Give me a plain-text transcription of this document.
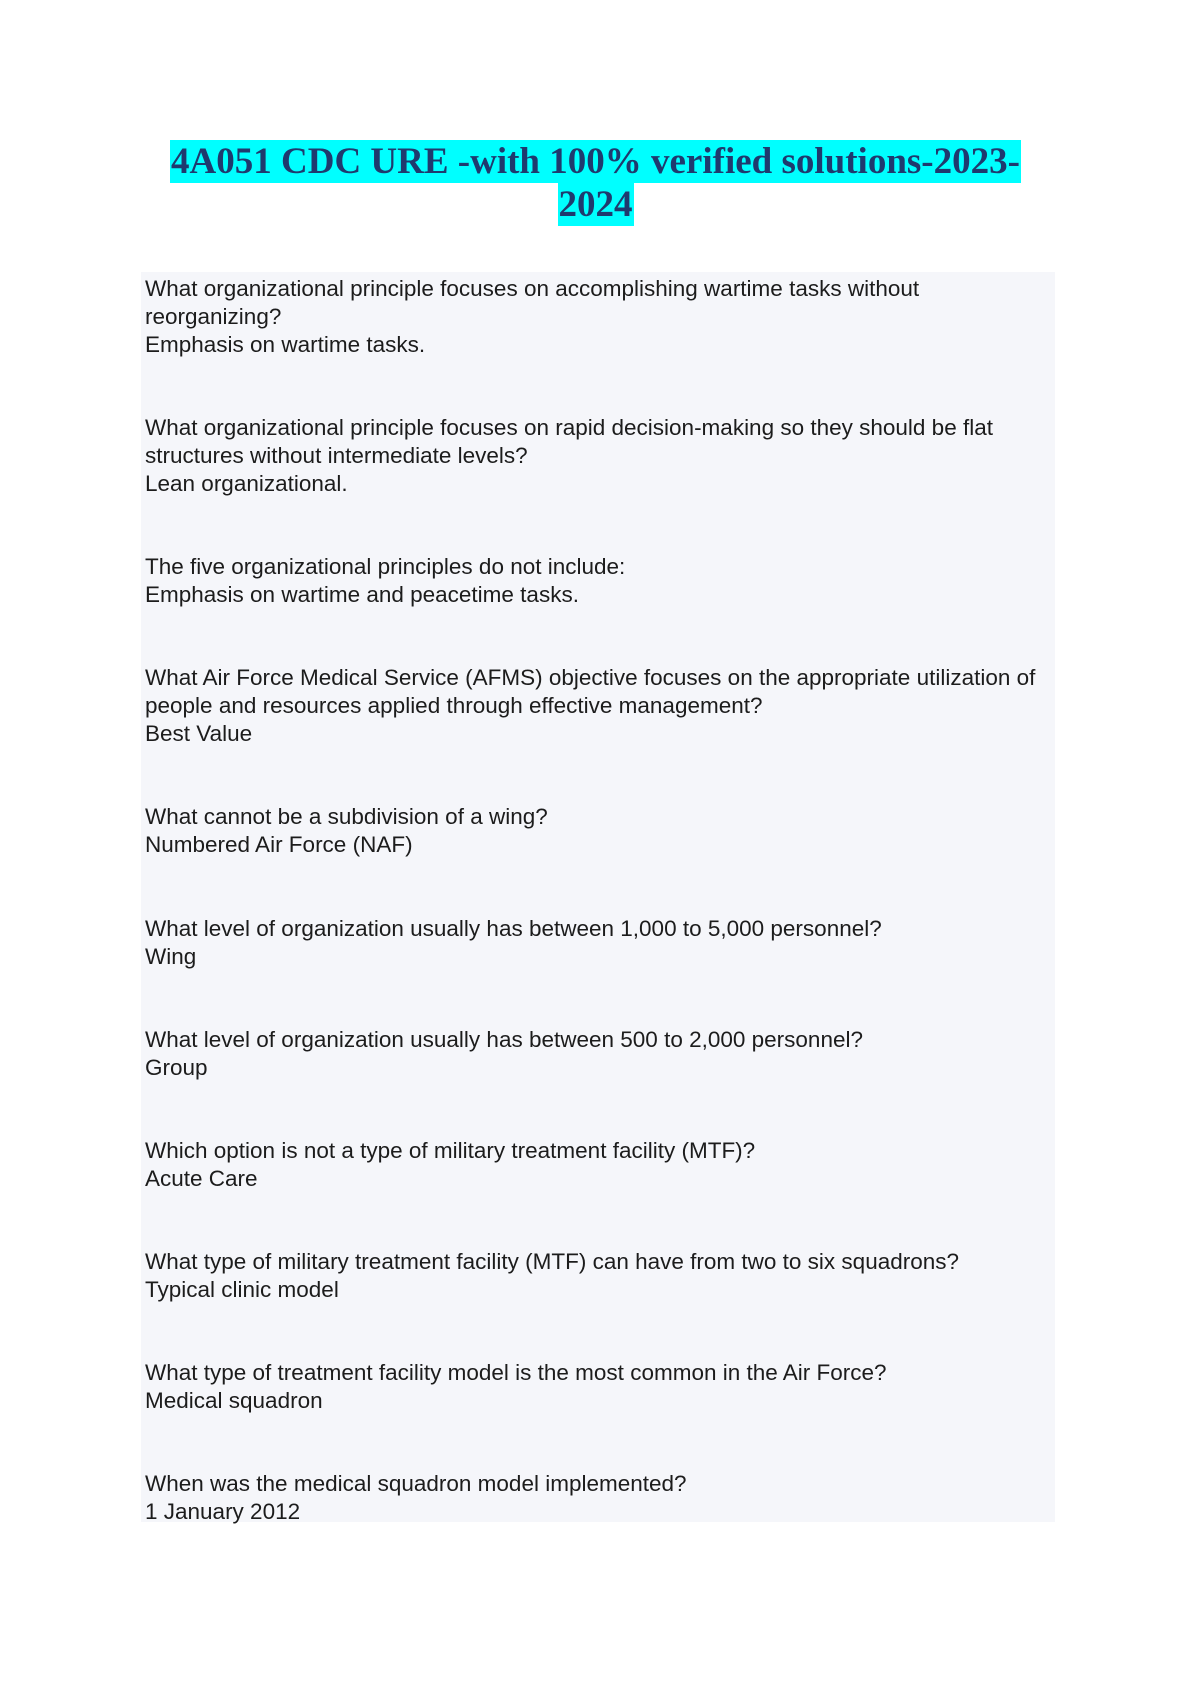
4A051 CDC URE -with 100% verified solutions-2023-
2024
What organizational principle focuses on accomplishing wartime tasks without reorganizing?
Emphasis on wartime tasks.
What organizational principle focuses on rapid decision-making so they should be flat structures without intermediate levels?
Lean organizational.
The five organizational principles do not include:
Emphasis on wartime and peacetime tasks.
What Air Force Medical Service (AFMS) objective focuses on the appropriate utilization of people and resources applied through effective management?
Best Value
What cannot be a subdivision of a wing?
Numbered Air Force (NAF)
What level of organization usually has between 1,000 to 5,000 personnel?
Wing
What level of organization usually has between 500 to 2,000 personnel?
Group
Which option is not a type of military treatment facility (MTF)?
Acute Care
What type of military treatment facility (MTF) can have from two to six squadrons?
Typical clinic model
What type of treatment facility model is the most common in the Air Force?
Medical squadron
When was the medical squadron model implemented?
1 January 2012
